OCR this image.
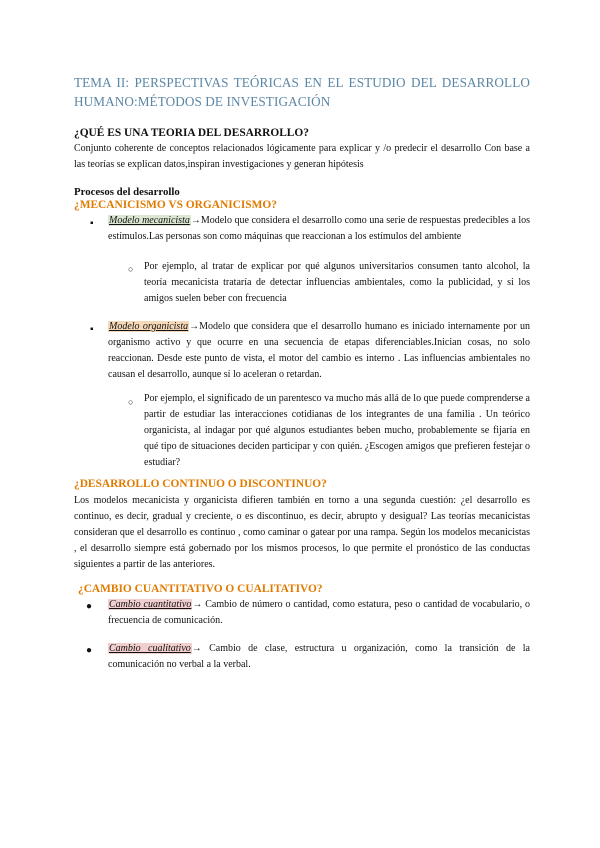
TEMA II: PERSPECTIVAS TEÓRICAS EN EL ESTUDIO DEL DESARROLLO HUMANO:MÉTODOS DE INVESTIGACIÓN
¿QUÉ ES UNA TEORIA DEL DESARROLLO?
Conjunto coherente de conceptos relacionados lógicamente para explicar y /o predecir el desarrollo Con base a las teorías se explican datos,inspiran investigaciones y generan hipótesis
Procesos del desarrollo
¿MECANICISMO VS ORGANICISMO?
▪ Modelo mecanicista→Modelo que considera el desarrollo como una serie de respuestas predecibles a los estímulos.Las personas son como máquinas que reaccionan a los estímulos del ambiente
○ Por ejemplo, al tratar de explicar por qué algunos universitarios consumen tanto alcohol, la teoría mecanicista trataría de detectar influencias ambientales, como la publicidad, y si los amigos suelen beber con frecuencia
▪ Modelo organicista→Modelo que considera que el desarrollo humano es iniciado internamente por un organismo activo y que ocurre en una secuencia de etapas diferenciables.Inician cosas, no solo reaccionan. Desde este punto de vista, el motor del cambio es interno . Las influencias ambientales no causan el desarrollo, aunque sí lo aceleran o retardan.
○ Por ejemplo, el significado de un parentesco va mucho más allá de lo que puede comprenderse a partir de estudiar las interacciones cotidianas de los integrantes de una familia . Un teórico organicista, al indagar por qué algunos estudiantes beben mucho, probablemente se fijaría en qué tipo de situaciones deciden participar y con quién. ¿Escogen amigos que prefieren festejar o estudiar?
¿DESARROLLO CONTINUO O DISCONTINUO?
Los modelos mecanicista y organicista difieren también en torno a una segunda cuestión: ¿el desarrollo es continuo, es decir, gradual y creciente, o es discontinuo, es decir, abrupto y desigual? Las teorías mecanicistas consideran que el desarrollo es continuo , como caminar o gatear por una rampa. Según los modelos mecanicistas , el desarrollo siempre está gobernado por los mismos procesos, lo que permite el pronóstico de las conductas siguientes a partir de las anteriores.
¿CAMBIO CUANTITATIVO O CUALITATIVO?
● Cambio cuantitativo→ Cambio de número o cantidad, como estatura, peso o cantidad de vocabulario, o frecuencia de comunicación.
● Cambio cualitativo→ Cambio de clase, estructura u organización, como la transición de la comunicación no verbal a la verbal.
